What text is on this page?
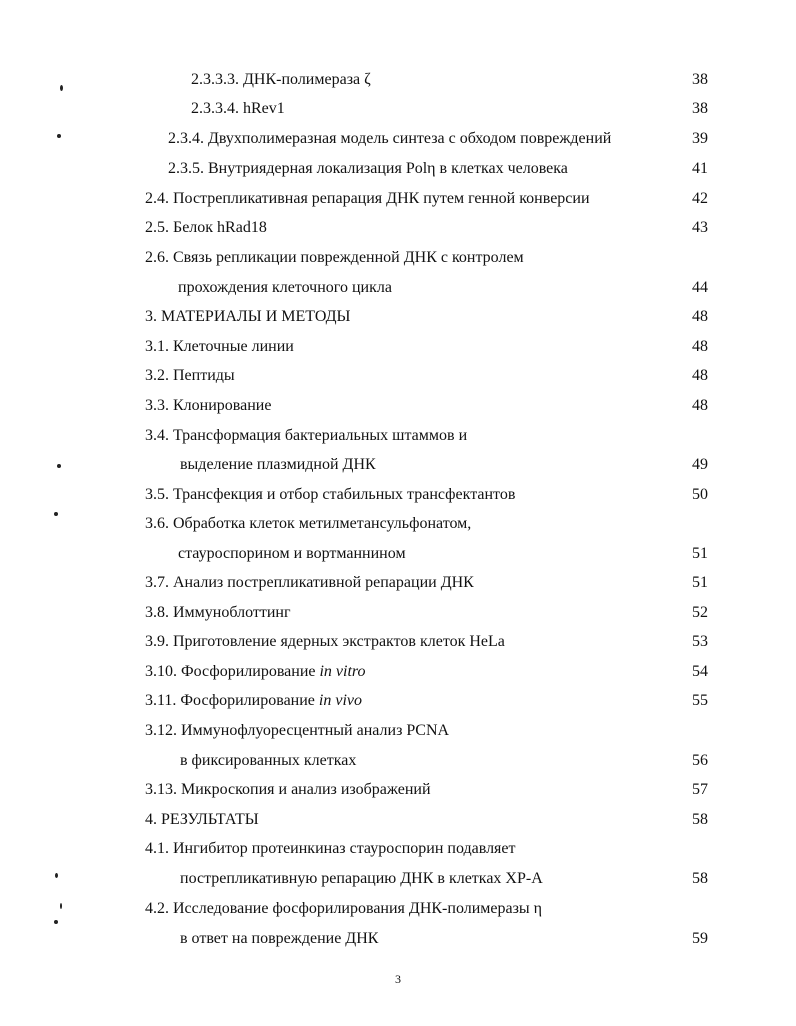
2.3.3.3. ДНК-полимераза ζ	38
2.3.3.4. hRev1	38
2.3.4. Двухполимеразная модель синтеза с обходом повреждений	39
2.3.5. Внутриядерная локализация Polη в клетках человека	41
2.4. Пострепликативная репарация ДНК путем генной конверсии	42
2.5. Белок hRad18	43
2.6. Связь репликации поврежденной ДНК с контролем
прохождения клеточного цикла	44
3. МАТЕРИАЛЫ И МЕТОДЫ	48
3.1. Клеточные линии	48
3.2. Пептиды	48
3.3. Клонирование	48
3.4. Трансформация бактериальных штаммов и
выделение плазмидной ДНК	49
3.5. Трансфекция и отбор стабильных трансфектантов	50
3.6. Обработка клеток метилметансульфонатом,
стауроспорином и вортманнином	51
3.7. Анализ пострепликативной репарации ДНК	51
3.8. Иммуноблоттинг	52
3.9. Приготовление ядерных экстрактов клеток HeLa	53
3.10. Фосфорилирование in vitro	54
3.11. Фосфорилирование in vivo	55
3.12. Иммунофлуоресцентный анализ PCNA
в фиксированных клетках	56
3.13. Микроскопия и анализ изображений	57
4. РЕЗУЛЬТАТЫ	58
4.1. Ингибитор протеинкиназ стауроспорин подавляет
пострепликативную репарацию ДНК в клетках XP-A	58
4.2. Исследование фосфорилирования ДНК-полимеразы η
в ответ на повреждение ДНК	59
3
